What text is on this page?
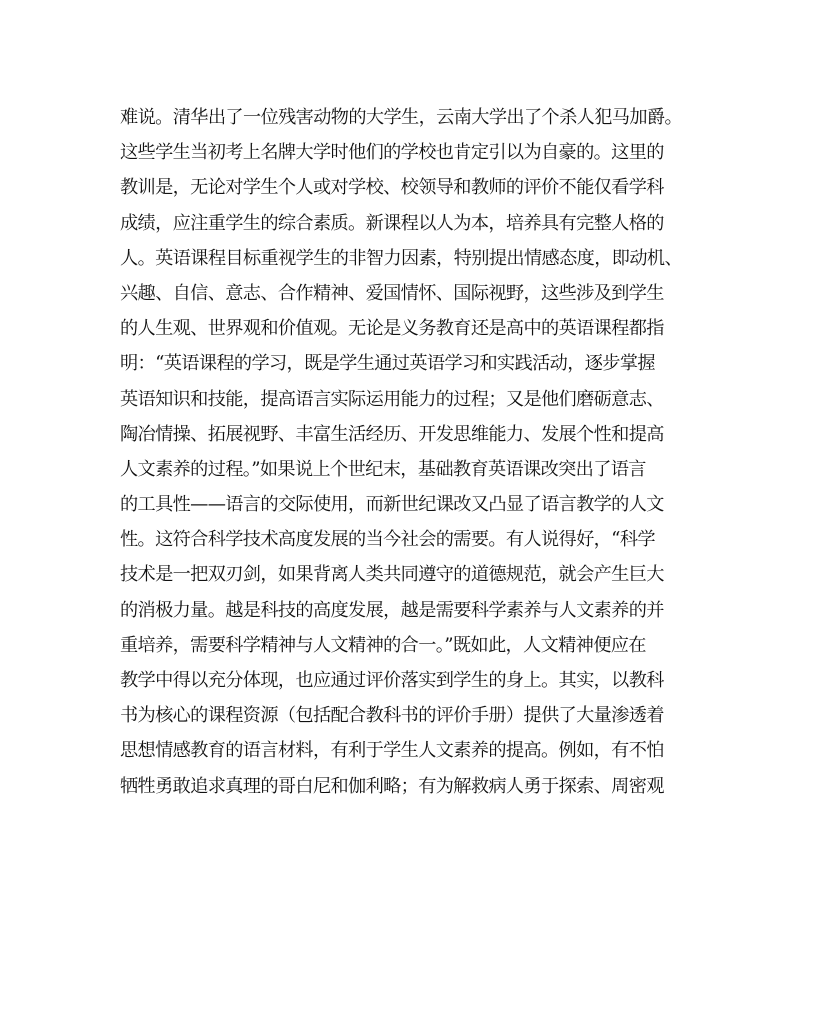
难说。清华出了一位残害动物的大学生，云南大学出了个杀人犯马加爵。
这些学生当初考上名牌大学时他们的学校也肯定引以为自豪的。这里的
教训是，无论对学生个人或对学校、校领导和教师的评价不能仅看学科
成绩，应注重学生的综合素质。新课程以人为本，培养具有完整人格的
人。英语课程目标重视学生的非智力因素，特别提出情感态度，即动机、
兴趣、自信、意志、合作精神、爱国情怀、国际视野，这些涉及到学生
的人生观、世界观和价值观。无论是义务教育还是高中的英语课程都指
明：“英语课程的学习，既是学生通过英语学习和实践活动，逐步掌握
英语知识和技能，提高语言实际运用能力的过程；又是他们磨砺意志、
陶冶情操、拓展视野、丰富生活经历、开发思维能力、发展个性和提高
人文素养的过程。”如果说上个世纪末，基础教育英语课改突出了语言
的工具性——语言的交际使用，而新世纪课改又凸显了语言教学的人文
性。这符合科学技术高度发展的当今社会的需要。有人说得好，“科学
技术是一把双刃剑，如果背离人类共同遵守的道德规范，就会产生巨大
的消极力量。越是科技的高度发展，越是需要科学素养与人文素养的并
重培养，需要科学精神与人文精神的合一。”既如此，人文精神便应在
教学中得以充分体现，也应通过评价落实到学生的身上。其实，以教科
书为核心的课程资源（包括配合教科书的评价手册）提供了大量渗透着
思想情感教育的语言材料，有利于学生人文素养的提高。例如，有不怕
牺牲勇敢追求真理的哥白尼和伽利略；有为解救病人勇于探索、周密观
